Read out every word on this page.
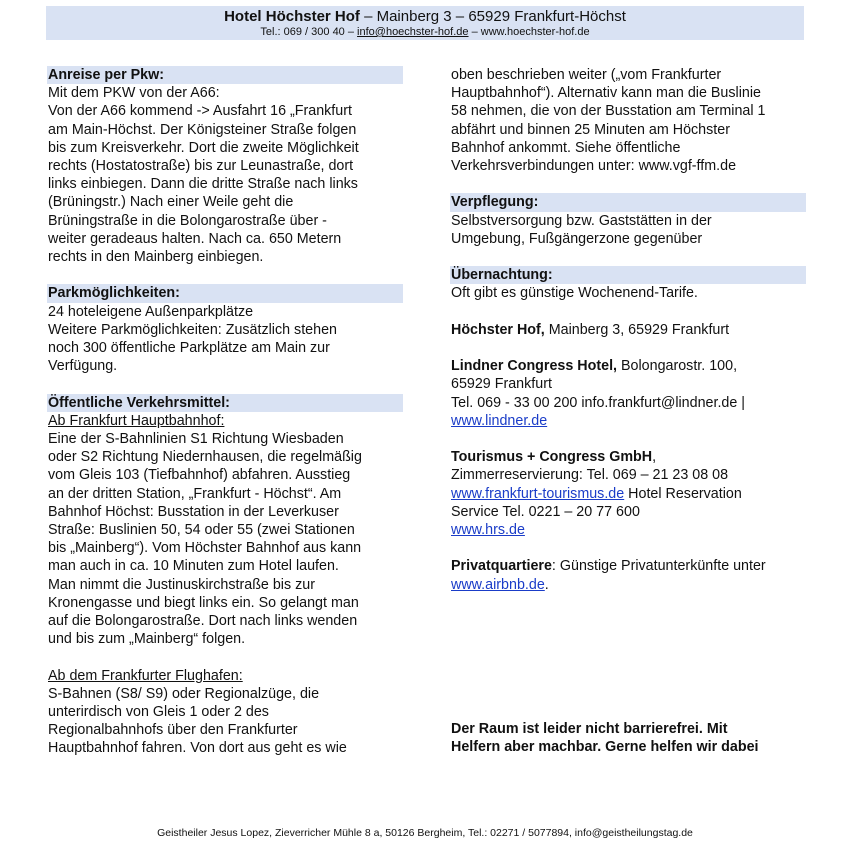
Hotel Höchster Hof – Mainberg 3 – 65929 Frankfurt-Höchst
Tel.: 069 / 300 40 – info@hoechster-hof.de – www.hoechster-hof.de
Anreise per Pkw:
Mit dem PKW von der A66:
Von der A66 kommend -> Ausfahrt 16 „Frankfurt
am Main-Höchst. Der Königsteiner Straße folgen
bis zum Kreisverkehr. Dort die zweite Möglichkeit
rechts (Hostatostraße) bis zur Leunastraße, dort
links einbiegen. Dann die dritte Straße nach links
(Brüningstr.) Nach einer Weile geht die
Brüningstraße in die Bolongarostraße über -
weiter geradeaus halten. Nach ca. 650 Metern
rechts in den Mainberg einbiegen.
Parkmöglichkeiten:
24 hoteleigene Außenparkplätze
Weitere Parkmöglichkeiten: Zusätzlich stehen
noch 300 öffentliche Parkplätze am Main zur
Verfügung.
Öffentliche Verkehrsmittel:
Ab Frankfurt Hauptbahnhof:
Eine der S-Bahnlinien S1 Richtung Wiesbaden
oder S2 Richtung Niedernhausen, die regelmäßig
vom Gleis 103 (Tiefbahnhof) abfahren. Ausstieg
an der dritten Station, „Frankfurt - Höchst“. Am
Bahnhof Höchst: Busstation in der Leverkuser
Straße: Buslinien 50, 54 oder 55 (zwei Stationen
bis „Mainberg“). Vom Höchster Bahnhof aus kann
man auch in ca. 10 Minuten zum Hotel laufen.
Man nimmt die Justinuskirchstraße bis zur
Kronengasse und biegt links ein. So gelangt man
auf die Bolongarostraße. Dort nach links wenden
und bis zum „Mainberg“ folgen.
Ab dem Frankfurter Flughafen:
S-Bahnen (S8/ S9) oder Regionalzüge, die
unterirdisch von Gleis 1 oder 2 des
Regionalbahnhofs über den Frankfurter
Hauptbahnhof fahren. Von dort aus geht es wie
oben beschrieben weiter („vom Frankfurter
Hauptbahnhof“). Alternativ kann man die Buslinie
58 nehmen, die von der Busstation am Terminal 1
abfährt und binnen 25 Minuten am Höchster
Bahnhof ankommt. Siehe öffentliche
Verkehrsverbindungen unter: www.vgf-ffm.de
Verpflegung:
Selbstversorgung bzw. Gaststätten in der
Umgebung, Fußgängerzone gegenüber
Übernachtung:
Oft gibt es günstige Wochenend-Tarife.
Höchster Hof, Mainberg 3, 65929 Frankfurt
Lindner Congress Hotel, Bolongarostr. 100,
65929 Frankfurt
Tel. 069 - 33 00 200 info.frankfurt@lindner.de |
www.lindner.de
Tourismus + Congress GmbH,
Zimmerreservierung: Tel. 069 – 21 23 08 08
www.frankfurt-tourismus.de Hotel Reservation
Service Tel. 0221 – 20 77 600
www.hrs.de
Privatquartiere: Günstige Privatunterkünfte unter
www.airbnb.de.
Der Raum ist leider nicht barrierefrei. Mit
Helfern aber machbar. Gerne helfen wir dabei
Geistheiler Jesus Lopez, Zieverricher Mühle 8 a, 50126 Bergheim, Tel.: 02271 / 5077894, info@geistheilungstag.de
